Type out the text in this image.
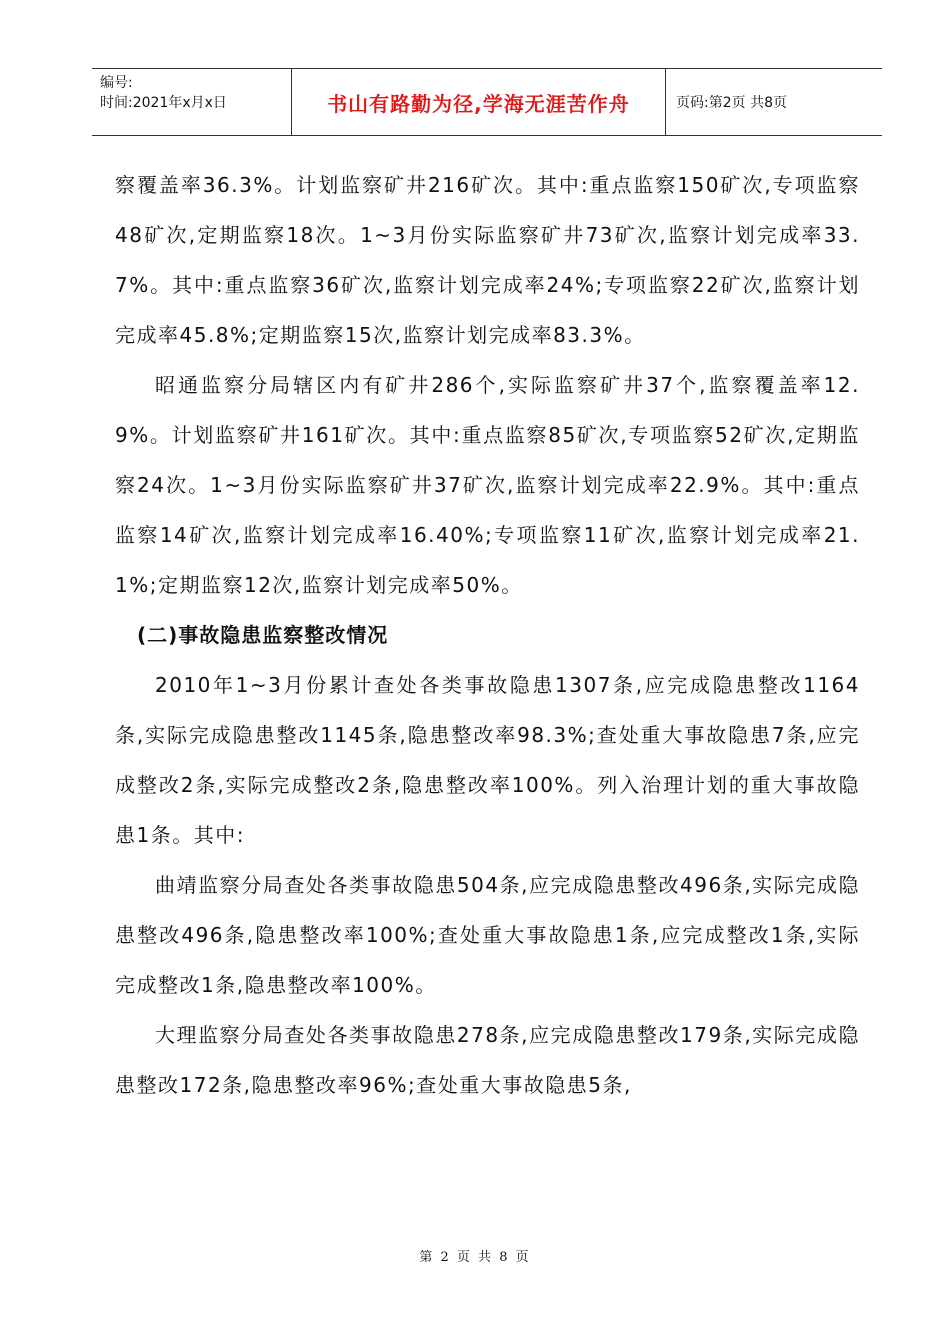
编号:
时间:2021年x月x日	书山有路勤为径,学海无涯苦作舟	页码:第2页 共8页

察覆盖率36.3%。计划监察矿井216矿次。其中:重点监察150矿次,专项监察48矿次,定期监察18次。1~3月份实际监察矿井73矿次,监察计划完成率33.7%。其中:重点监察36矿次,监察计划完成率24%;专项监察22矿次,监察计划完成率45.8%;定期监察15次,监察计划完成率83.3%。

昭通监察分局辖区内有矿井286个,实际监察矿井37个,监察覆盖率12.9%。计划监察矿井161矿次。其中:重点监察85矿次,专项监察52矿次,定期监察24次。1~3月份实际监察矿井37矿次,监察计划完成率22.9%。其中:重点监察14矿次,监察计划完成率16.40%;专项监察11矿次,监察计划完成率21.1%;定期监察12次,监察计划完成率50%。

(二)事故隐患监察整改情况

2010年1~3月份累计查处各类事故隐患1307条,应完成隐患整改1164条,实际完成隐患整改1145条,隐患整改率98.3%;查处重大事故隐患7条,应完成整改2条,实际完成整改2条,隐患整改率100%。列入治理计划的重大事故隐患1条。其中:

曲靖监察分局查处各类事故隐患504条,应完成隐患整改496条,实际完成隐患整改496条,隐患整改率100%;查处重大事故隐患1条,应完成整改1条,实际完成整改1条,隐患整改率100%。

大理监察分局查处各类事故隐患278条,应完成隐患整改179条,实际完成隐患整改172条,隐患整改率96%;查处重大事故隐患5条,

第 2 页 共 8 页
